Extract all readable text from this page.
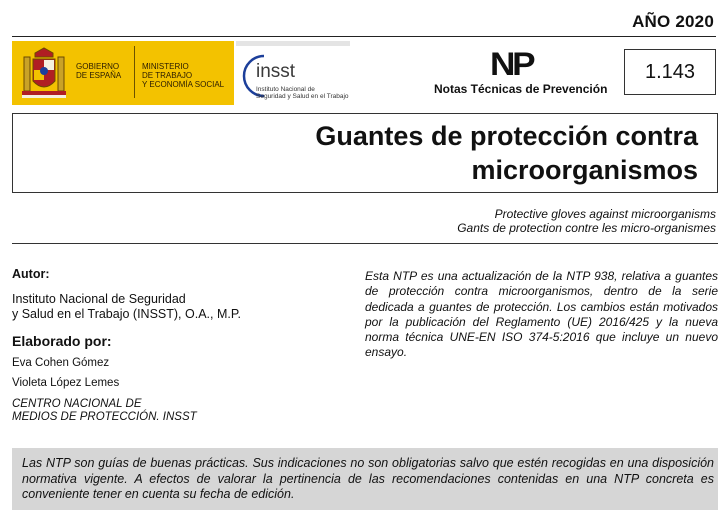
AÑO 2020
GOBIERNO
DE ESPAÑA
MINISTERIO
DE TRABAJO
Y ECONOMÍA SOCIAL
insst
Instituto Nacional de
Seguridad y Salud en el Trabajo
NP
Notas Técnicas de Prevención
1.143
Guantes de protección contra
microorganismos
Protective gloves against microorganisms
Gants de protection contre les micro-organismes
Autor:
Instituto Nacional de Seguridad
y Salud en el Trabajo (INSST), O.A., M.P.
Elaborado por:
Eva Cohen Gómez
Violeta López Lemes
CENTRO NACIONAL DE
MEDIOS DE PROTECCIÓN. INSST
Esta NTP es una actualización de la NTP 938, relativa a guantes de protección contra microorganismos, dentro de la serie dedicada a guantes de protección. Los cambios están motivados por la publicación del Reglamento (UE) 2016/425 y la nueva norma técnica UNE-EN ISO 374-5:2016 que incluye un nuevo ensayo.
Las NTP son guías de buenas prácticas. Sus indicaciones no son obligatorias salvo que estén recogidas en una disposición normativa vigente. A efectos de valorar la pertinencia de las recomendaciones contenidas en una NTP concreta es conveniente tener en cuenta su fecha de edición.
